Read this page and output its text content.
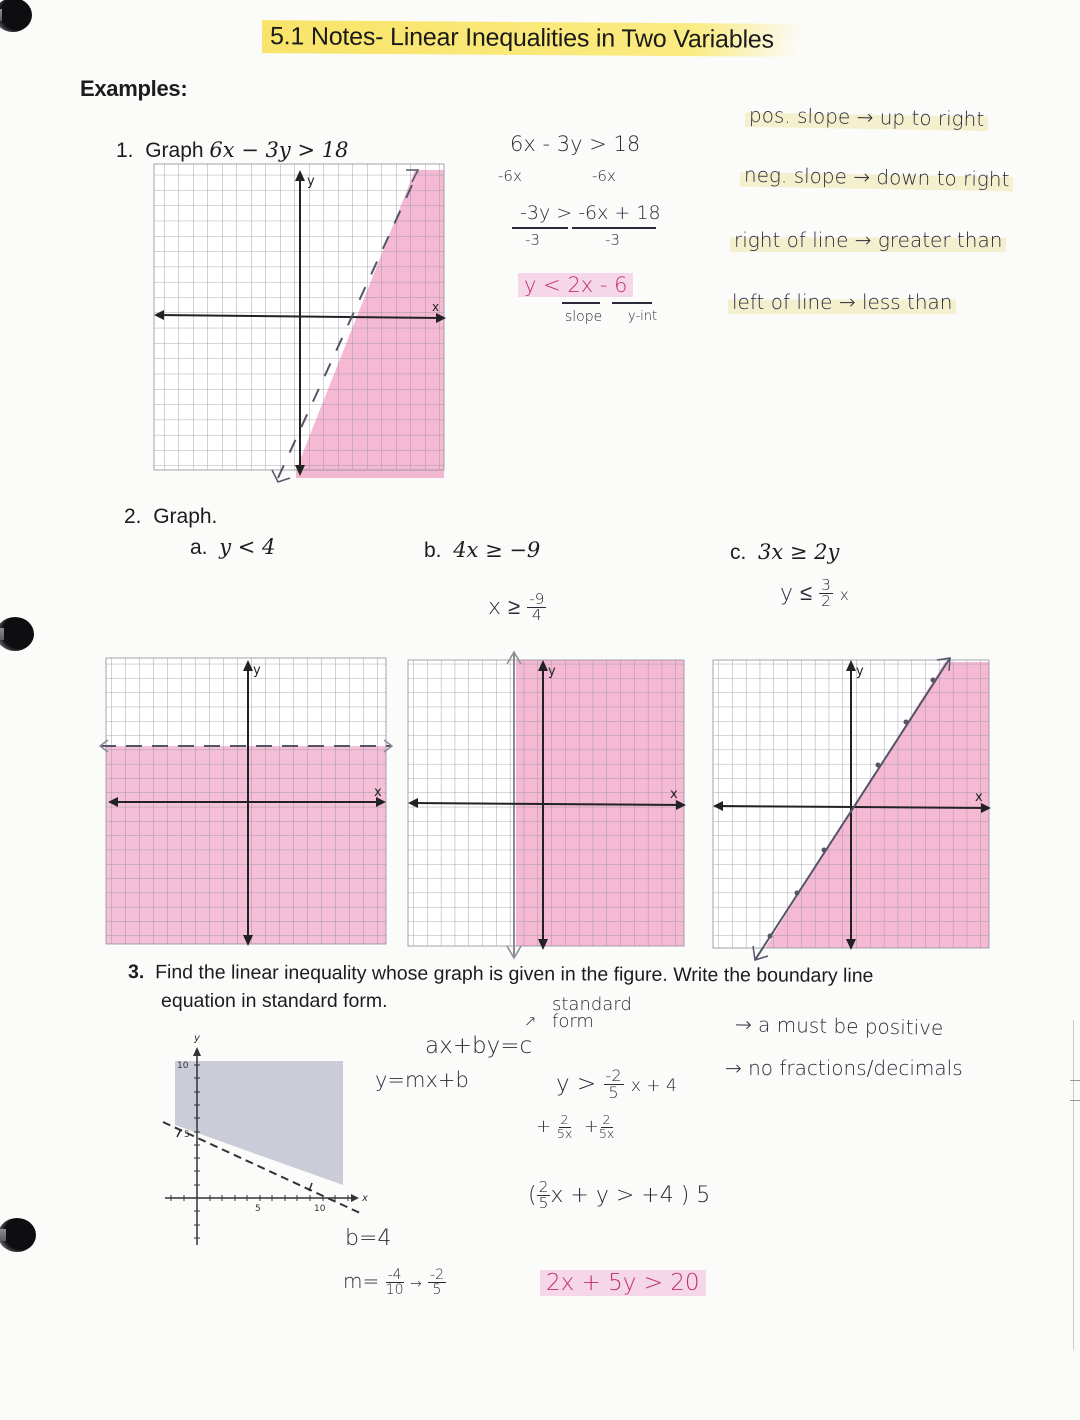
5.1 Notes- Linear Inequalities in Two Variables
Examples:
1. Graph 6x − 3y > 18
y
x
6x - 3y > 18
-6x	-6x
-3y > -6x + 18
-3	-3
y < 2x - 6
slope y-int
pos. slope → up to right
neg. slope → down to right
right of line → greater than
left of line → less than
2. Graph.
a. y < 4	b. 4x ≥ −9	c. 3x ≥ 2y
$x \ge \frac{-9}{4}$	$y \le \frac{3}{2}$ x
y
x
y
x
y
x
3. Find the linear inequality whose graph is given in the figure. Write the boundary line
equation in standard form.
x
y
5	10
5
10
↗
standard form
ax+by=c
y=mx+b	$y > \frac{-2}{5}$ x + 4
+ $\frac{2}{5x} + \frac{2}{5x}$
( $\frac{2}{5}$ x + y > +4 ) 5
b=4
$m= \frac{-4}{10} \to \frac{-2}{5}$	2x + 5y > 20
→ a must be positive
→ no fractions/decimals
